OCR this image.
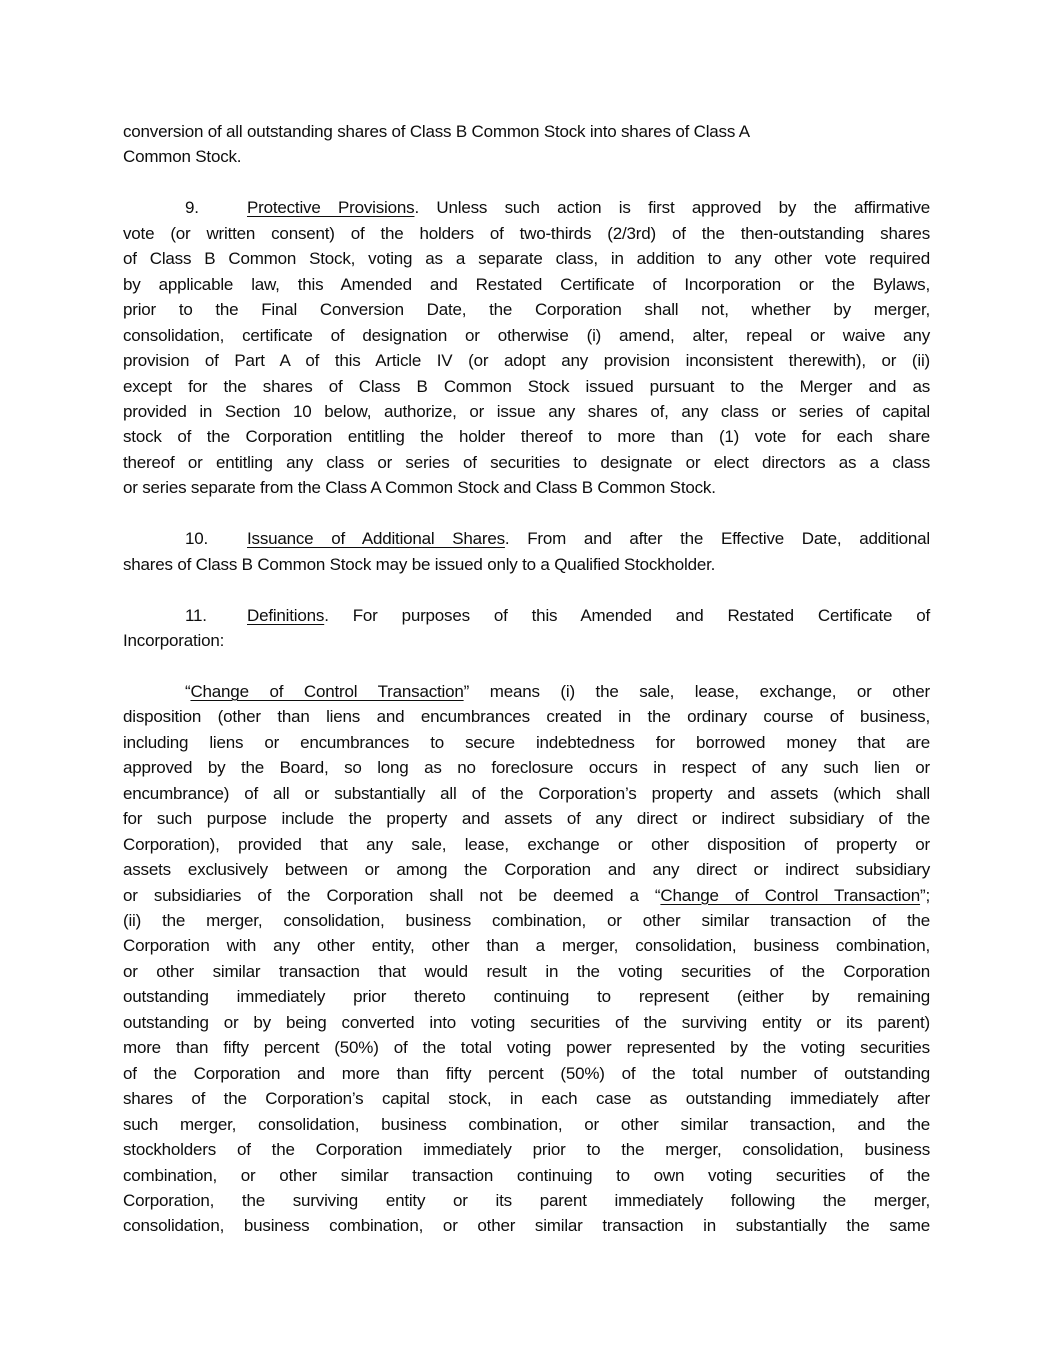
conversion of all outstanding shares of Class B Common Stock into shares of Class A
Common Stock.
9.	Protective Provisions. Unless such action is first approved by the affirmative
vote (or written consent) of the holders of two-thirds (2/3rd) of the then-outstanding shares
of Class B Common Stock, voting as a separate class, in addition to any other vote required
by applicable law, this Amended and Restated Certificate of Incorporation or the Bylaws,
prior to the Final Conversion Date, the Corporation shall not, whether by merger,
consolidation, certificate of designation or otherwise (i) amend, alter, repeal or waive any
provision of Part A of this Article IV (or adopt any provision inconsistent therewith), or (ii)
except for the shares of Class B Common Stock issued pursuant to the Merger and as
provided in Section 10 below, authorize, or issue any shares of, any class or series of capital
stock of the Corporation entitling the holder thereof to more than (1) vote for each share
thereof or entitling any class or series of securities to designate or elect directors as a class
or series separate from the Class A Common Stock and Class B Common Stock.
10. Issuance of Additional Shares. From and after the Effective Date, additional
shares of Class B Common Stock may be issued only to a Qualified Stockholder.
11. Definitions. For purposes of this Amended and Restated Certificate of
Incorporation:
“Change of Control Transaction” means (i) the sale, lease, exchange, or other
disposition (other than liens and encumbrances created in the ordinary course of business,
including liens or encumbrances to secure indebtedness for borrowed money that are
approved by the Board, so long as no foreclosure occurs in respect of any such lien or
encumbrance) of all or substantially all of the Corporation’s property and assets (which shall
for such purpose include the property and assets of any direct or indirect subsidiary of the
Corporation), provided that any sale, lease, exchange or other disposition of property or
assets exclusively between or among the Corporation and any direct or indirect subsidiary
or subsidiaries of the Corporation shall not be deemed a “Change of Control Transaction”;
(ii) the merger, consolidation, business combination, or other similar transaction of the
Corporation with any other entity, other than a merger, consolidation, business combination,
or other similar transaction that would result in the voting securities of the Corporation
outstanding immediately prior thereto continuing to represent (either by remaining
outstanding or by being converted into voting securities of the surviving entity or its parent)
more than fifty percent (50%) of the total voting power represented by the voting securities
of the Corporation and more than fifty percent (50%) of the total number of outstanding
shares of the Corporation’s capital stock, in each case as outstanding immediately after
such merger, consolidation, business combination, or other similar transaction, and the
stockholders of the Corporation immediately prior to the merger, consolidation, business
combination, or other similar transaction continuing to own voting securities of the
Corporation, the surviving entity or its parent immediately following the merger,
consolidation, business combination, or other similar transaction in substantially the same
